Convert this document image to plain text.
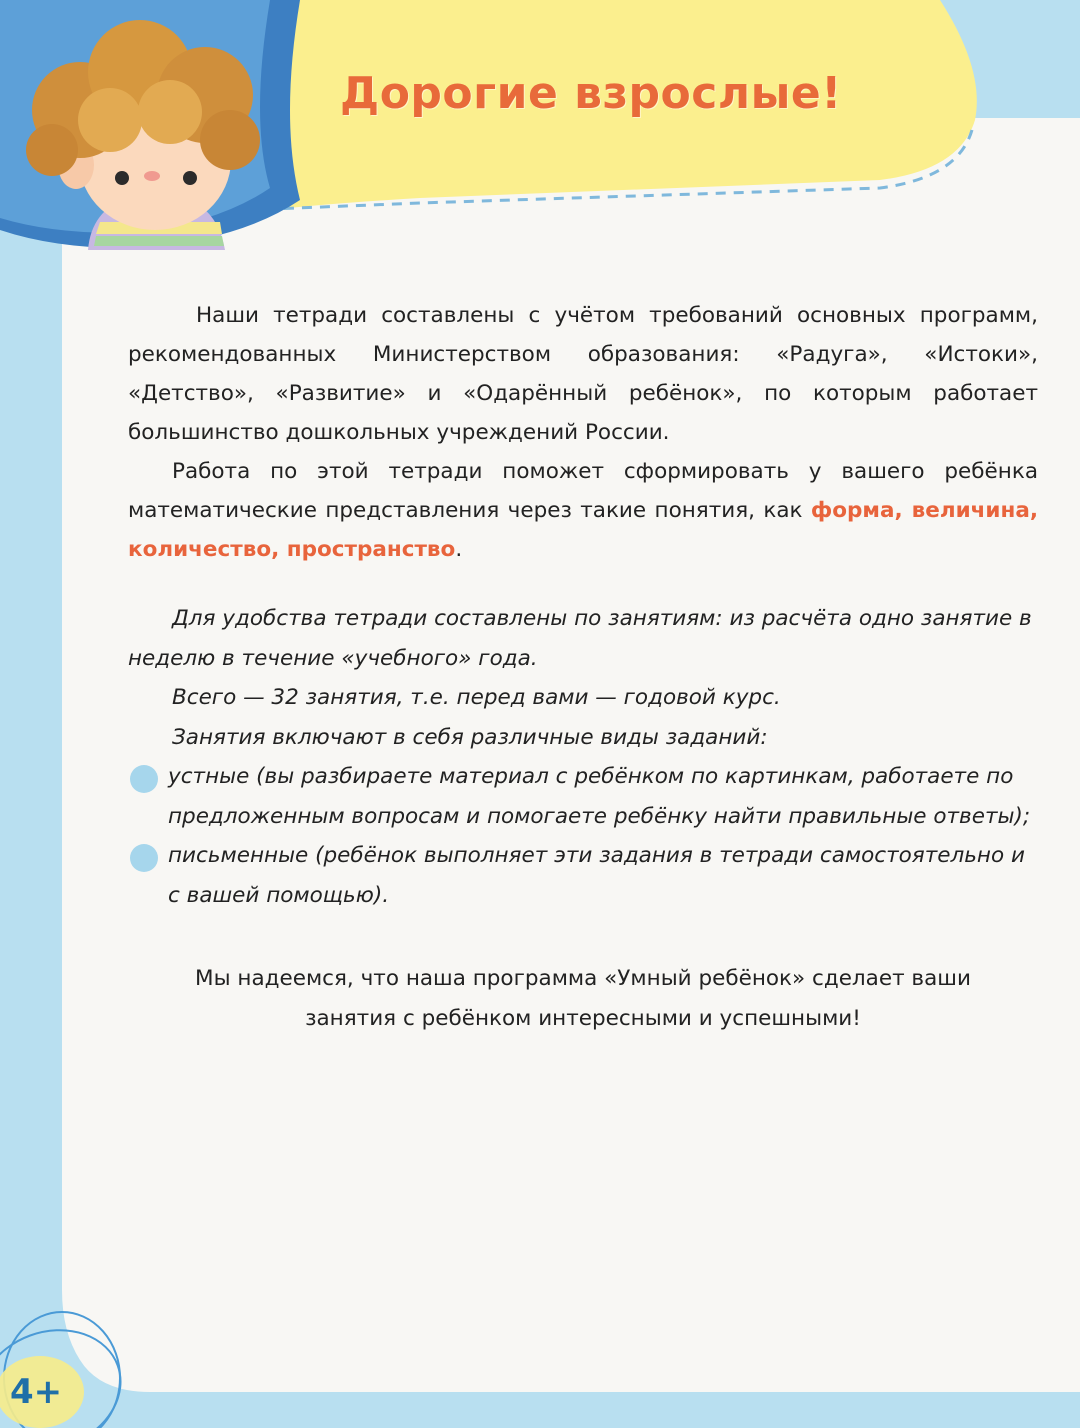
Дорогие взрослые!

Наши тетради составлены с учётом требований основных программ, рекомендованных Министерством образования: «Радуга», «Истоки», «Детство», «Развитие» и «Одарённый ребёнок», по которым работает большинство дошкольных учреждений России.

Работа по этой тетради поможет сформировать у вашего ребёнка математические представления через такие понятия, как форма, величина, количество, пространство.

Для удобства тетради составлены по занятиям: из расчёта одно занятие в неделю в течение «учебного» года.

Всего — 32 занятия, т.е. перед вами — годовой курс.

Занятия включают в себя различные виды заданий:

устные (вы разбираете материал с ребёнком по картинкам, работаете по предложенным вопросам и помогаете ребёнку найти правильные ответы);
письменные (ребёнок выполняет эти задания в тетради самостоятельно и с вашей помощью).

Мы надеемся, что наша программа «Умный ребёнок» сделает ваши

занятия с ребёнком интересными и успешными!

4+
